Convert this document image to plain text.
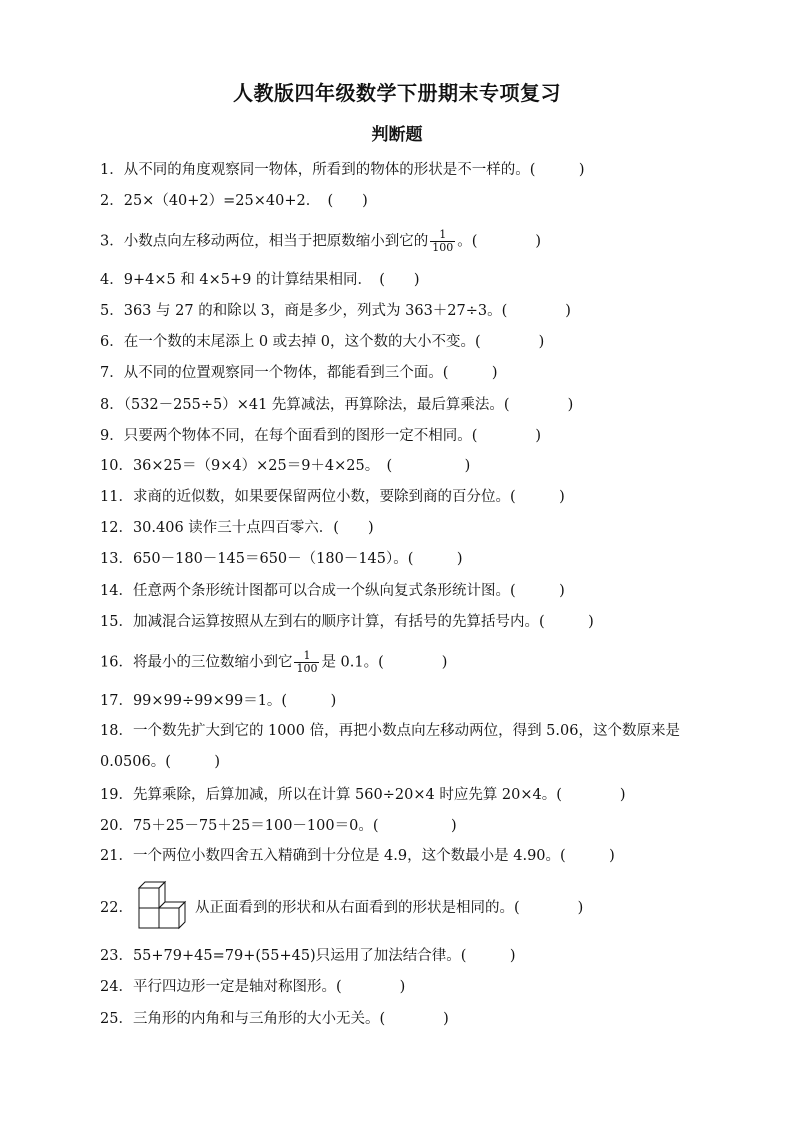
人教版四年级数学下册期末专项复习
判断题
1．从不同的角度观察同一物体，所看到的物体的形状是不一样的。(　　　)
2．25×（40+2）=25×40+2．　(　　)
3．小数点向左移动两位，相当于把原数缩小到它的 $\frac{1}{100}$ 。(　　　　)
4．9+4×5 和 4×5+9 的计算结果相同．　(　　)
5．363 与 27 的和除以 3，商是多少，列式为 363＋27÷3。(　　　　)
6．在一个数的末尾添上 0 或去掉 0，这个数的大小不变。(　　　　)
7．从不同的位置观察同一个物体，都能看到三个面。(　　　)
8．（532－255÷5）×41 先算减法，再算除法，最后算乘法。(　　　　)
9．只要两个物体不同，在每个面看到的图形一定不相同。(　　　　)
10．36×25＝（9×4）×25＝9＋4×25。　(　　　　　)
11．求商的近似数，如果要保留两位小数，要除到商的百分位。(　　　)
12．30.406 读作三十点四百零六．(　　)
13．650－180－145＝650－（180－145）。(　　　)
14．任意两个条形统计图都可以合成一个纵向复式条形统计图。(　　　)
15．加减混合运算按照从左到右的顺序计算，有括号的先算括号内。(　　　)
16．将最小的三位数缩小到它 $\frac{1}{100}$ 是 0.1。(　　　　)
17．99×99÷99×99＝1。(　　　)
18．一个数先扩大到它的 1000 倍，再把小数点向左移动两位，得到 5.06，这个数原来是 0.0506。(　　　)
19．先算乘除，后算加减，所以在计算 560÷20×4 时应先算 20×4。(　　　　)
20．75＋25－75＋25＝100－100＝0。(　　　　　)
21．一个两位小数四舍五入精确到十分位是 4.9，这个数最小是 4.90。(　　　)
22．	从正面看到的形状和从右面看到的形状是相同的。(　　　　)
23．55+79+45=79+(55+45)只运用了加法结合律。(　　　)
24．平行四边形一定是轴对称图形。(　　　　)
25．三角形的内角和与三角形的大小无关。(　　　　)
